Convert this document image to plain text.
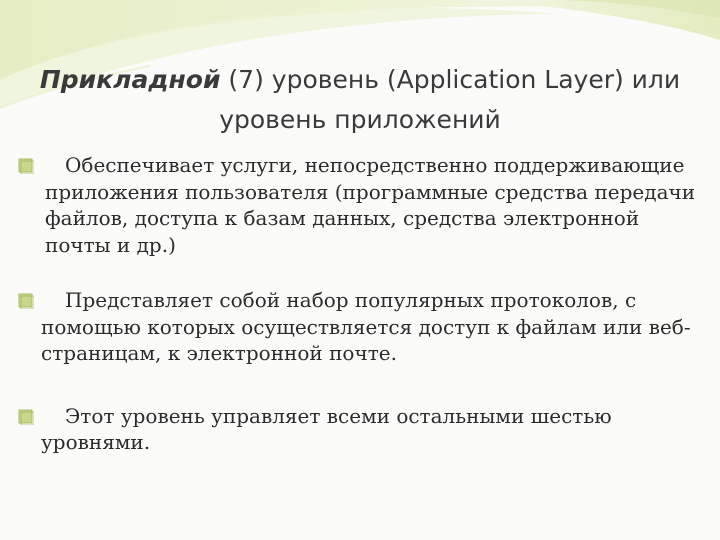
Прикладной (7) уровень (Application Layer) или
уровень приложений
Обеспечивает услуги, непосредственно поддерживающие приложения пользователя (программные средства передачи файлов, доступа к базам данных, средства электронной почты и др.)
Представляет собой набор популярных протоколов, с помощью которых осуществляется доступ к файлам или веб-страницам, к электронной почте.
Этот уровень управляет всеми остальными шестью уровнями.
